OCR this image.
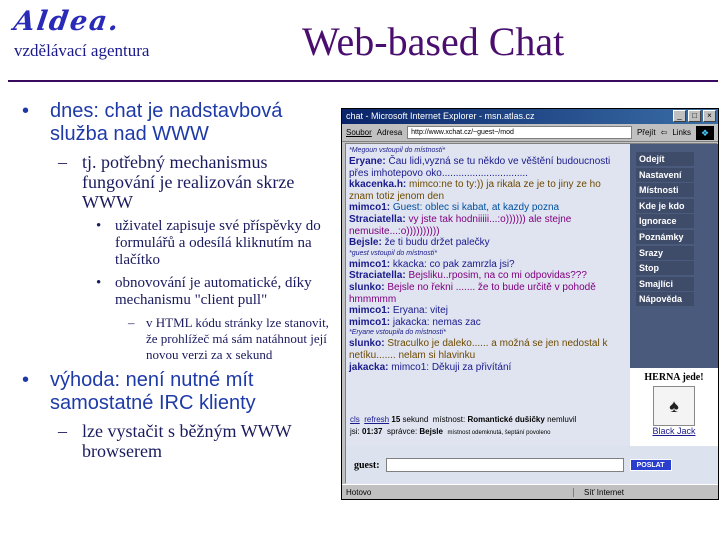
Aldea.
vzdělávací agentura	Web-based Chat
• dnes: chat je nadstavbová služba nad WWW
– tj. potřebný mechanismus fungování je realizován skrze WWW
• uživatel zapisuje své příspěvky do formulářů a odesílá kliknutím na tlačítko
• obnovování je automatické, díky mechanismu "client pull"
– v HTML kódu stránky lze stanovit, že prohlížeč má sám natáhnout její novou verzi za x sekund
• výhoda: není nutné mít samostatné IRC klienty
– lze vystačit s běžným WWW browserem
chat - Microsoft Internet Explorer - msn.atlas.cz	_	□	×
Soubor Adresa	http://www.xchat.cz/~guest~/mod	Přejít ⇦ Links	❖
*Megoun vstoupil do místnosti*
Eryane: Čau lidi,vyzná se tu někdo ve věštění budoucnosti přes imhotepovo oko...............................
kkacenka.h: mimco:ne to ty:)) ja rikala ze je to jiny ze ho znam totiz jenom den
mimco1: Guest: oblec si kabat, at kazdy pozna
Straciatella: vy jste tak hodniiiii...:o)))))) ale stejne nemusite...:o))))))))))
Bejsle: že ti budu držet palečky
*guest vstoupil do místnosti*
mimco1: kkacka: co pak zamrzla jsi?
Straciatella: Bejsliku..rposim, na co mi odpovidas???
slunko: Bejsle no řekni ....... že to bude určitě v pohodě hmmmmm
mimco1: Eryana: vitej
mimco1: jakacka: nemas zac
*Eryane vstoupila do místnosti*
slunko: Straculko je daleko...... a možná se jen nedostal k netíku....... nelam si hlavinku
jakacka: mimco1: Děkuji za přivítání
Odejít
Nastavení
Místnosti
Kde je kdo
Ignorace
Poznámky
Srazy
Stop
Smajlíci
Nápověda
HERNA jede!
♠
Black Jack
cls refresh 15 sekund místnost: Romantické dušičky nemluvil
jsi: 01:37 správce: Bejsle místnost odemknutá, šeptání povoleno
guest:	POSLAT
Hotovo	Síť Internet
